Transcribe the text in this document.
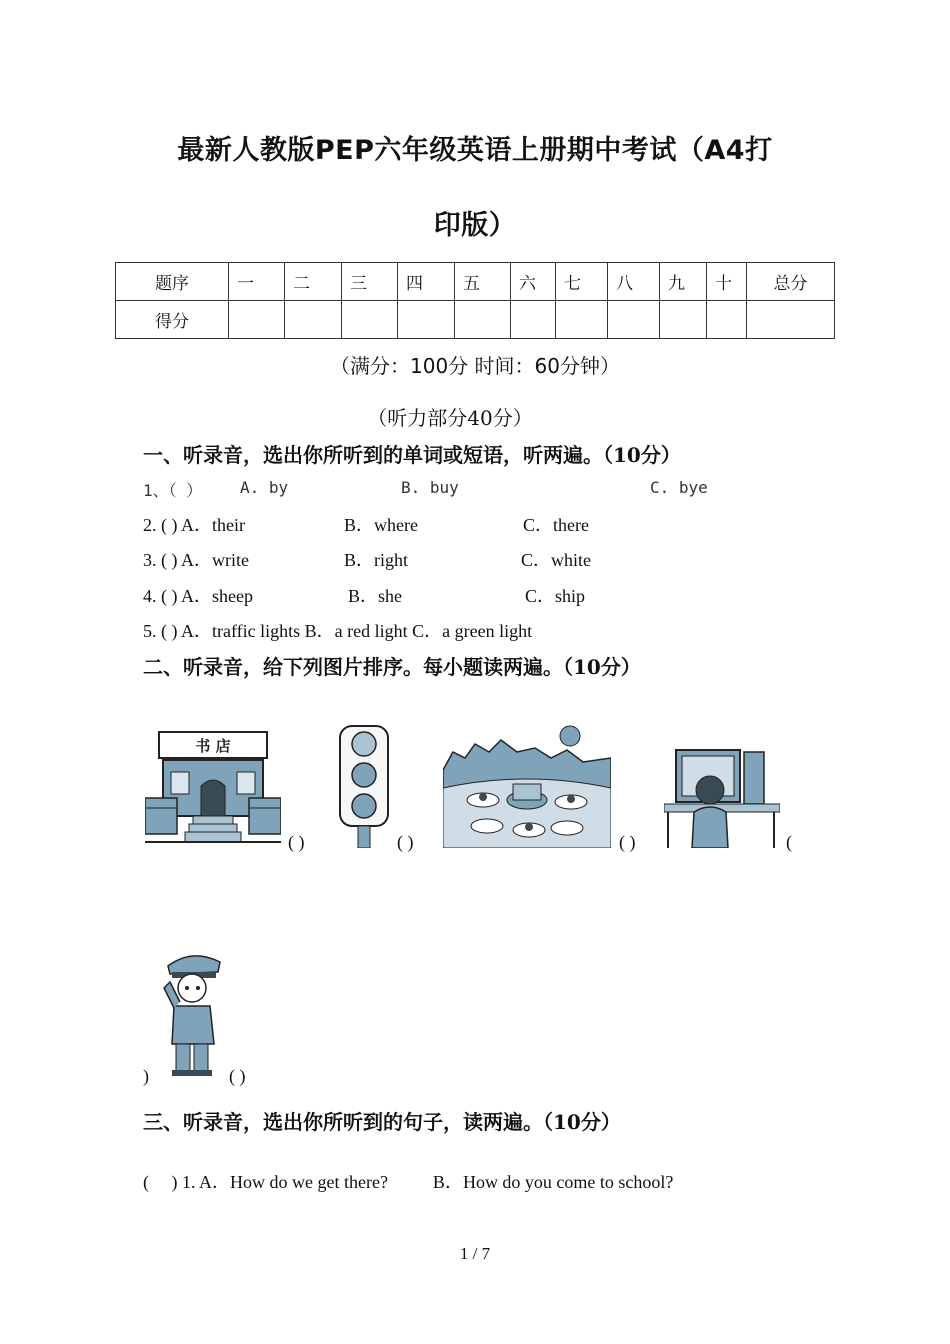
最新人教版PEP六年级英语上册期中考试（A4打
印版）
题序	一	二	三	四	五	六	七	八	九	十	总分
得分											
（满分：100分 时间：60分钟）
（听力部分40分）
一、听录音，选出你所听到的单词或短语，听两遍。（10分）
1、（ ） A. by	B. buy	C. bye
2. ( ) A．their	B．where	C．there
3. ( ) A．write	B．right	C．white
4. ( ) A．sheep	B．she	C．ship
5. ( ) A．traffic lights B．a red light C．a green light
二、听录音，给下列图片排序。每小题读两遍。（10分）
书 店
( )	( )	( )	(
)	( )
三、听录音，选出你所听到的句子，读两遍。（10分）
(     ) 1. A．How do we get there?          B．How do you come to school?
1 / 7
